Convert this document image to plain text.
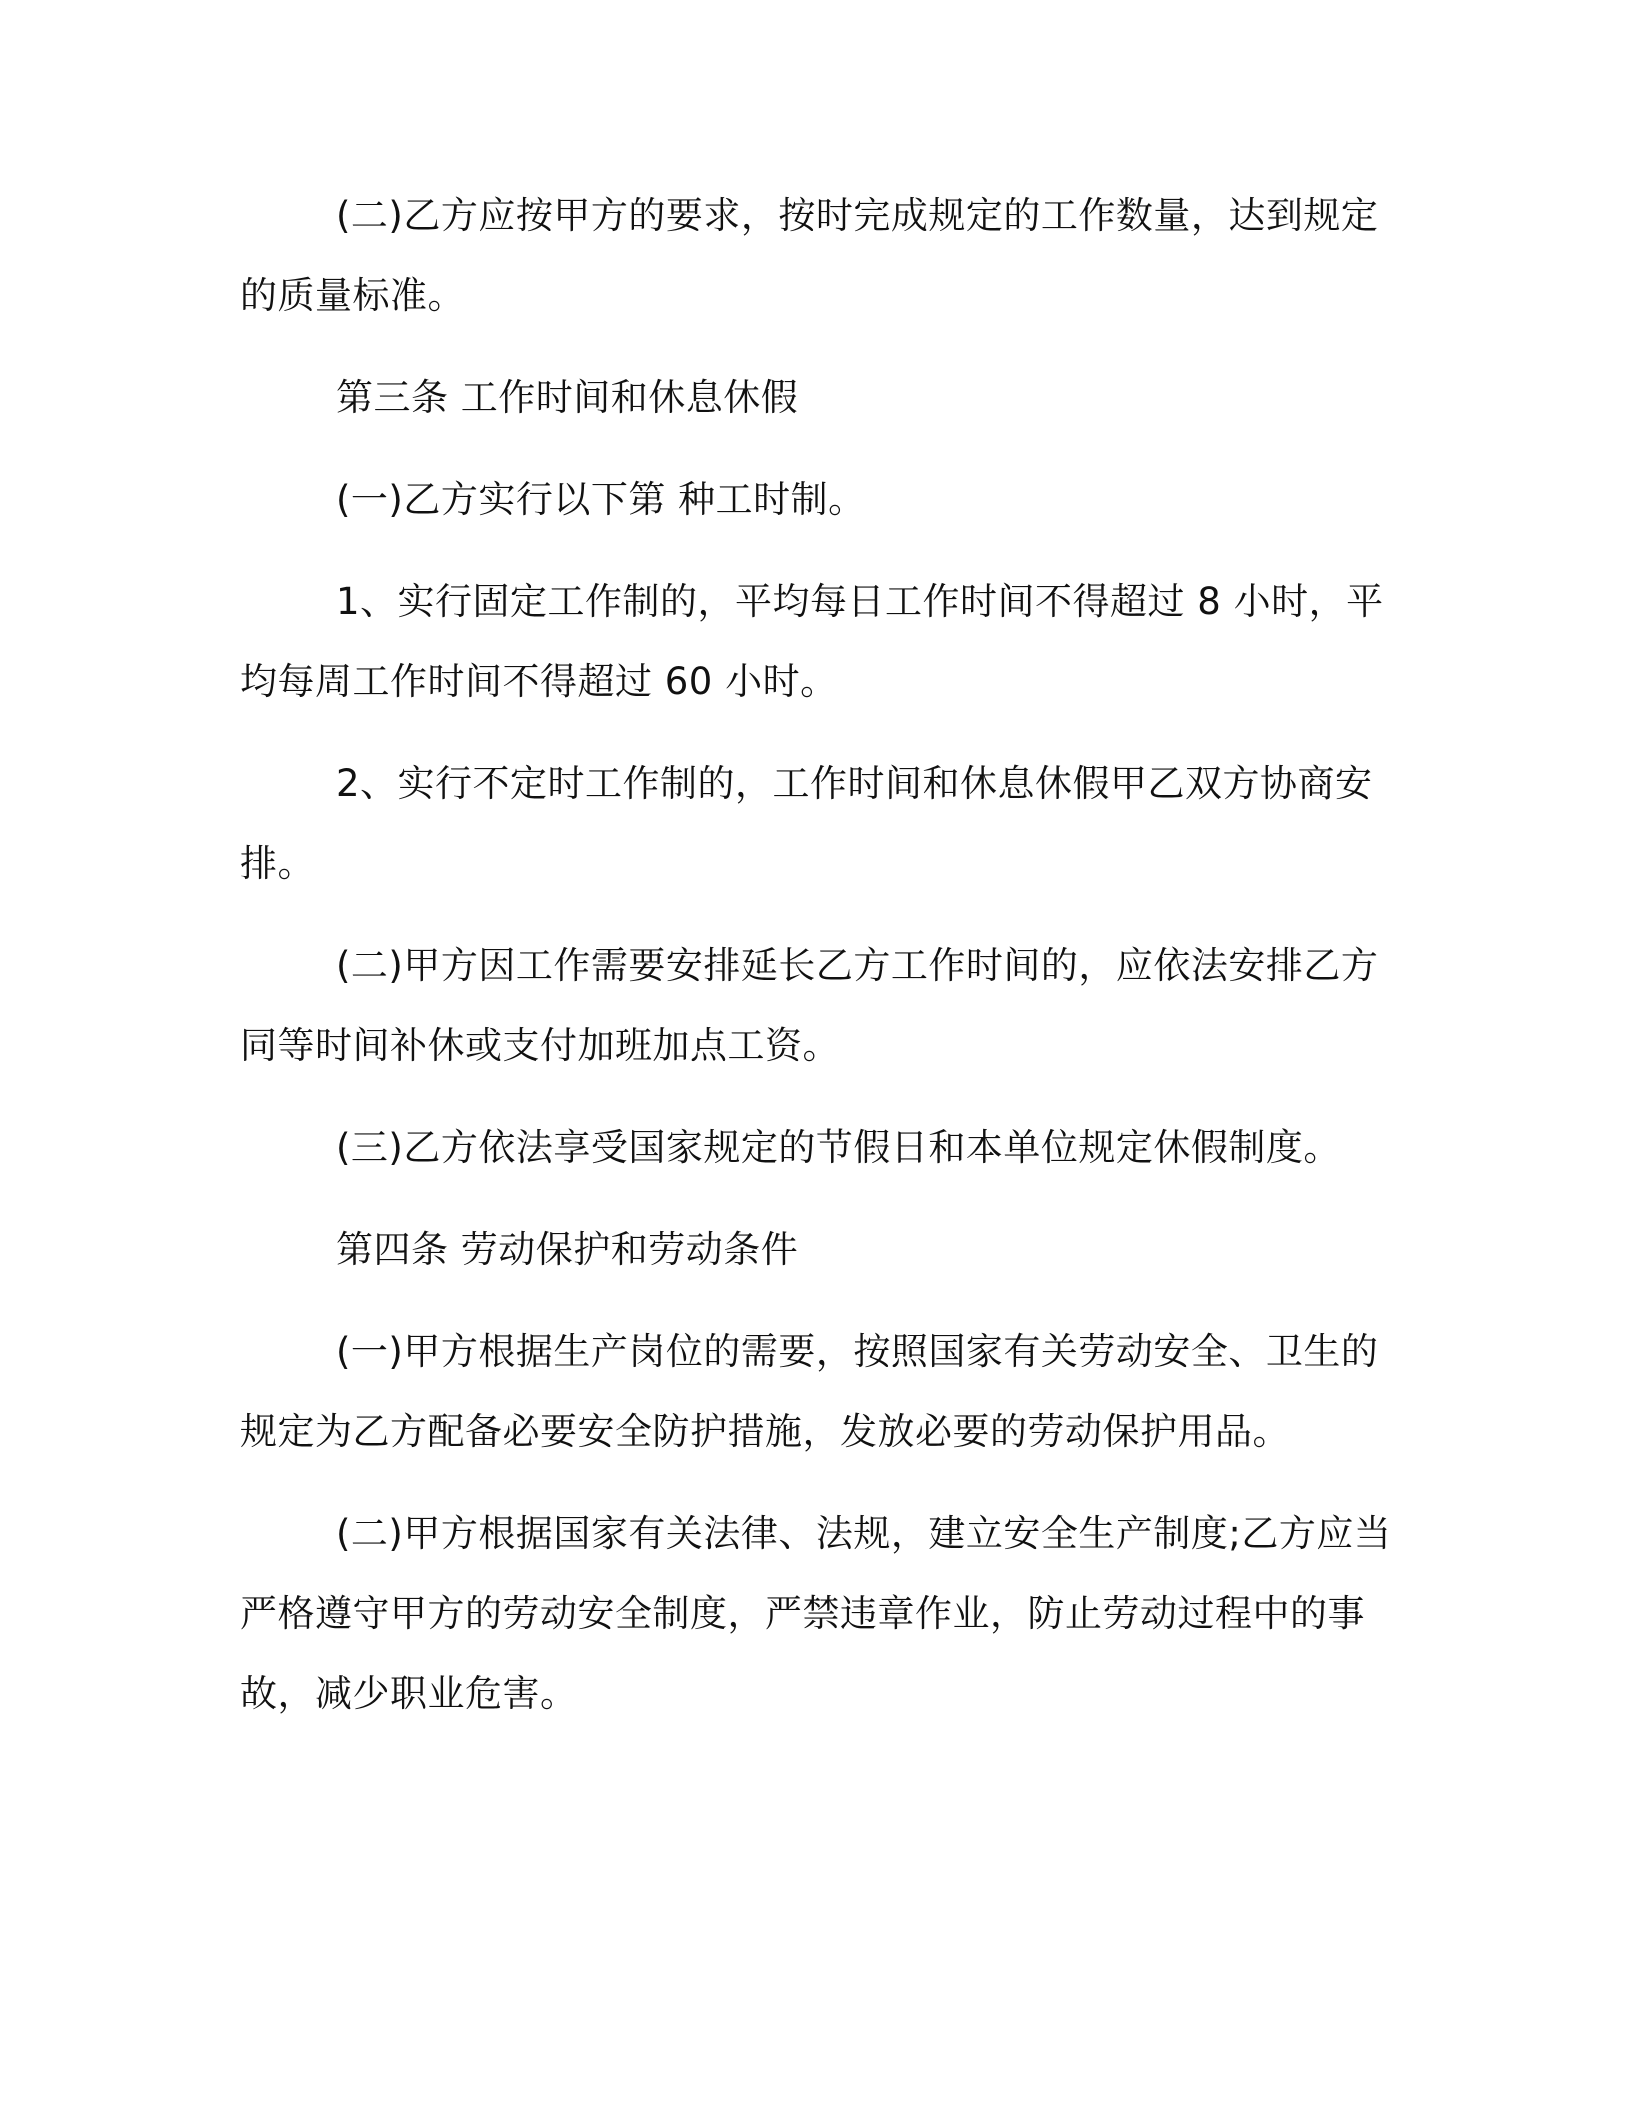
(二)乙方应按甲方的要求，按时完成规定的工作数量，达到规定
的质量标准。
第三条 工作时间和休息休假
(一)乙方实行以下第 种工时制。
1、实行固定工作制的，平均每日工作时间不得超过 8 小时，平
均每周工作时间不得超过 60 小时。
2、实行不定时工作制的，工作时间和休息休假甲乙双方协商安
排。
(二)甲方因工作需要安排延长乙方工作时间的，应依法安排乙方
同等时间补休或支付加班加点工资。
(三)乙方依法享受国家规定的节假日和本单位规定休假制度。
第四条 劳动保护和劳动条件
(一)甲方根据生产岗位的需要，按照国家有关劳动安全、卫生的
规定为乙方配备必要安全防护措施，发放必要的劳动保护用品。
(二)甲方根据国家有关法律、法规，建立安全生产制度;乙方应当
严格遵守甲方的劳动安全制度，严禁违章作业，防止劳动过程中的事
故，减少职业危害。
